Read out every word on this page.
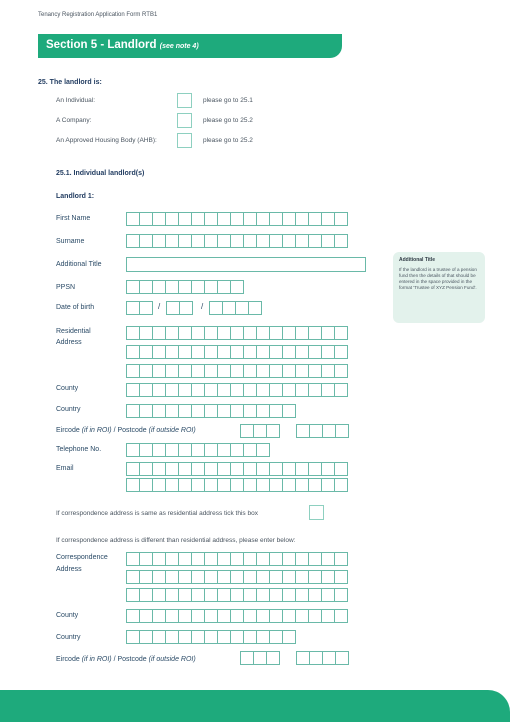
Tenancy Registration Application Form RTB1
Section 5 - Landlord (see note 4)
25. The landlord is:
An Individual:	please go to 25.1
A Company:	please go to 25.2
An Approved Housing Body (AHB):	please go to 25.2
25.1. Individual landlord(s)
Landlord 1:
First Name
Surname
Additional Title
PPSN
Date of birth	/	/
Residential
Address
County
Country
Eircode (if in ROI) / Postcode (if outside ROI)
Telephone No.
Email
If correspondence address is same as residential address tick this box
If correspondence address is different than residential address, please enter below:
Correspondence
Address
County
Country
Eircode (if in ROI) / Postcode (if outside ROI)
Additional Title
If the landlord is a trustee of a pension fund then the details of that should be entered in the space provided in the format 'Trustee of XYZ Pension Fund'.
